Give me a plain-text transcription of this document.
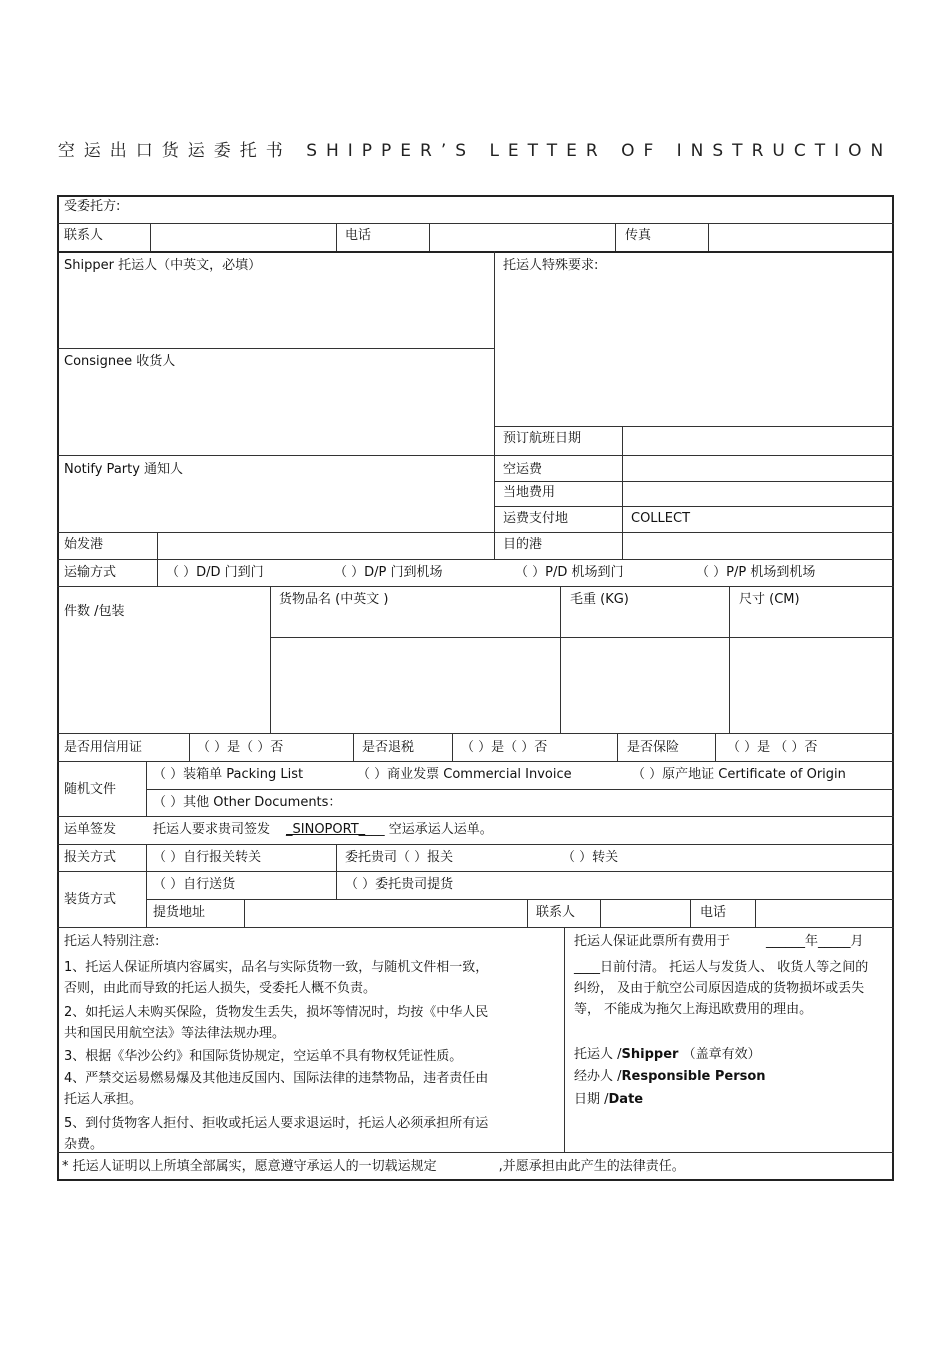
空运出口货运委托书 SHIPPER’S LETTER OF INSTRUCTION
受委托方:
联系人	电话	传真
Shipper 托运人（中英文，必填）	托运人特殊要求:
Consignee 收货人
预订航班日期
Notify Party 通知人	空运费
当地费用
运费支付地	COLLECT
始发港	目的港
运输方式	（ ）D/D 门到门	（ ）D/P 门到机场	（ ）P/D 机场到门	（ ）P/P 机场到机场
件数 /包装
货物品名 (中英文 )	毛重 (KG)	尺寸 (CM)
是否用信用证	（ ）是（ ）否	是否退税	（ ）是（ ）否	是否保险	（ ）是 （ ）否
随机文件
（ ）装箱单 Packing List	（ ）商业发票 Commercial Invoice	（ ）原产地证 Certificate of Origin
（ ）其他 Other Documents：
运单签发	托运人要求贵司签发 _SINOPORT____ 空运承运人运单。
报关方式	（ ）自行报关转关	委托贵司（ ）报关	（ ）转关
装货方式
（ ）自行送货	（ ）委托贵司提货
提货地址	联系人	电话
托运人特别注意:
1、托运人保证所填内容属实，品名与实际货物一致，与随机文件相一致，否则，由此而导致的托运人损失，受委托人概不负责。
2、如托运人未购买保险，货物发生丢失，损坏等情况时，均按《中华人民共和国民用航空法》等法律法规办理。
3、根据《华沙公约》和国际货协规定，空运单不具有物权凭证性质。
4、严禁交运易燃易爆及其他违反国内、国际法律的违禁物品，违者责任由托运人承担。
5、到付货物客人拒付、拒收或托运人要求退运时，托运人必须承担所有运杂费。
托运人保证此票所有费用于	______年_____月
____日前付清。 托运人与发货人、 收货人等之间的纠纷， 及由于航空公司原因造成的货物损坏或丢失等， 不能成为拖欠上海迅欧费用的理由。
托运人 /Shipper （盖章有效）
经办人 /Responsible Person
日期 /Date
* 托运人证明以上所填全部属实，愿意遵守承运人的一切载运规定               ,并愿承担由此产生的法律责任。
